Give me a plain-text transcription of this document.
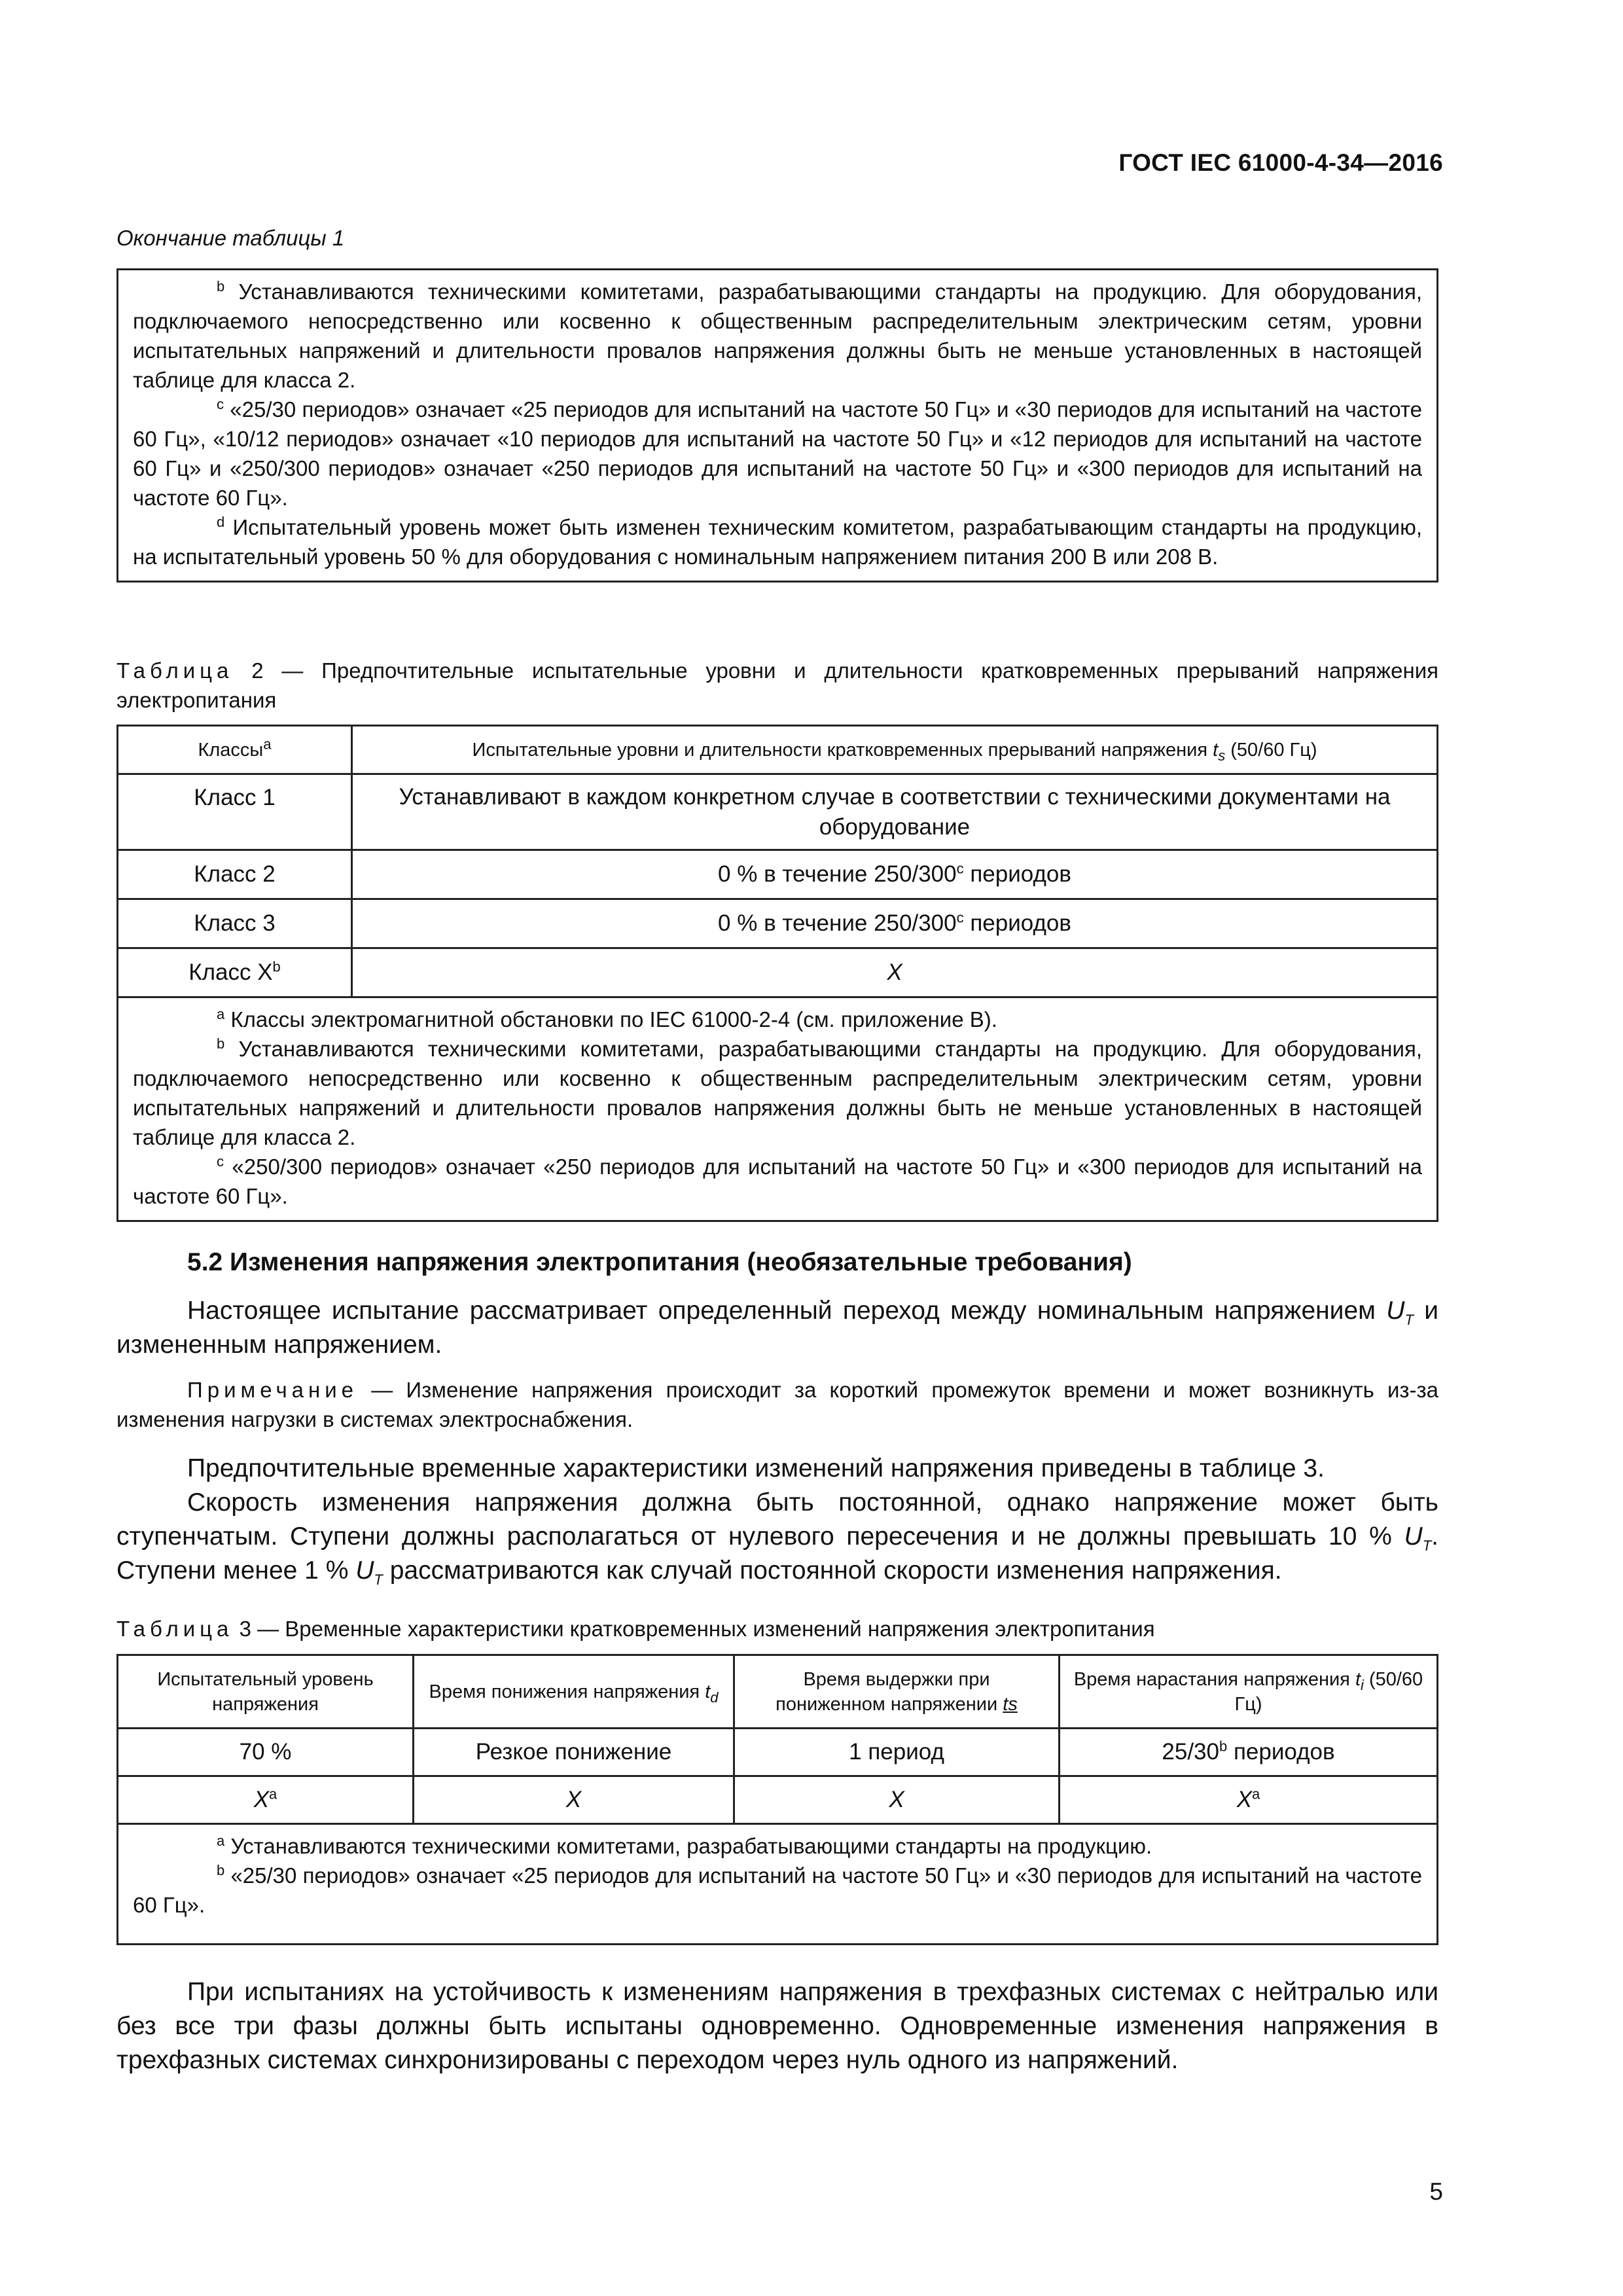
ГОСТ IEC 61000-4-34—2016
Окончание таблицы 1

$^b$ Устанавливаются техническими комитетами, разрабатывающими стандарты на продукцию. Для оборудования, подключаемого непосредственно или косвенно к общественным распределительным электрическим сетям, уровни испытательных напряжений и длительности провалов напряжения должны быть не меньше установленных в настоящей таблице для класса 2.

$^c$ «25/30 периодов» означает «25 периодов для испытаний на частоте 50 Гц» и «30 периодов для испытаний на частоте 60 Гц», «10/12 периодов» означает «10 периодов для испытаний на частоте 50 Гц» и «12 периодов для испытаний на частоте 60 Гц» и «250/300 периодов» означает «250 периодов для испытаний на частоте 50 Гц» и «300 периодов для испытаний на частоте 60 Гц».

$^d$ Испытательный уровень может быть изменен техническим комитетом, разрабатывающим стандарты на продукцию, на испытательный уровень 50 % для оборудования с номинальным напряжением питания 200 В или 208 В.

Таблица 2 — Предпочтительные испытательные уровни и длительности кратковременных прерываний напряжения электропитания
Классы$^a$	Испытательные уровни и длительности кратковременных прерываний напряжения $t_s$ (50/60 Гц)
Класс 1	Устанавливают в каждом конкретном случае в соответствии с техническими документами на оборудование
Класс 2	0 % в течение 250/300$^c$ периодов
Класс 3	0 % в течение 250/300$^c$ периодов
Класс $X^b$	X

$^a$ Классы электромагнитной обстановки по IEC 61000-2-4 (см. приложение В).

$^b$ Устанавливаются техническими комитетами, разрабатывающими стандарты на продукцию. Для оборудования, подключаемого непосредственно или косвенно к общественным распределительным электрическим сетям, уровни испытательных напряжений и длительности провалов напряжения должны быть не меньше установленных в настоящей таблице для класса 2.

$^c$ «250/300 периодов» означает «250 периодов для испытаний на частоте 50 Гц» и «300 периодов для испытаний на частоте 60 Гц».	

5.2 Изменения напряжения электропитания (необязательные требования)

Настоящее испытание рассматривает определенный переход между номинальным напряжением $U_T$ и измененным напряжением.

Примечание — Изменение напряжения происходит за короткий промежуток времени и может возникнуть из-за изменения нагрузки в системах электроснабжения.

Предпочтительные временные характеристики изменений напряжения приведены в таблице 3.

Скорость изменения напряжения должна быть постоянной, однако напряжение может быть ступенчатым. Ступени должны располагаться от нулевого пересечения и не должны превышать 10 % $U_T$. Ступени менее 1 % $U_T$ рассматриваются как случай постоянной скорости изменения напряжения.

Таблица 3 — Временные характеристики кратковременных изменений напряжения электропитания
Испытательный уровень напряжения	Время понижения напряжения $t_d$	Время выдержки при пониженном напряжении ts	Время нарастания напряжения $t_i$ (50/60 Гц)
70 %	Резкое понижение	1 период	25/30$^b$ периодов
$X^a$	X	X	$X^a$

$^a$ Устанавливаются техническими комитетами, разрабатывающими стандарты на продукцию.

$^b$ «25/30 периодов» означает «25 периодов для испытаний на частоте 50 Гц» и «30 периодов для испытаний на частоте 60 Гц».			

При испытаниях на устойчивость к изменениям напряжения в трехфазных системах с нейтралью или без все три фазы должны быть испытаны одновременно. Одновременные изменения напряжения в трехфазных системах синхронизированы с переходом через нуль одного из напряжений.

5
